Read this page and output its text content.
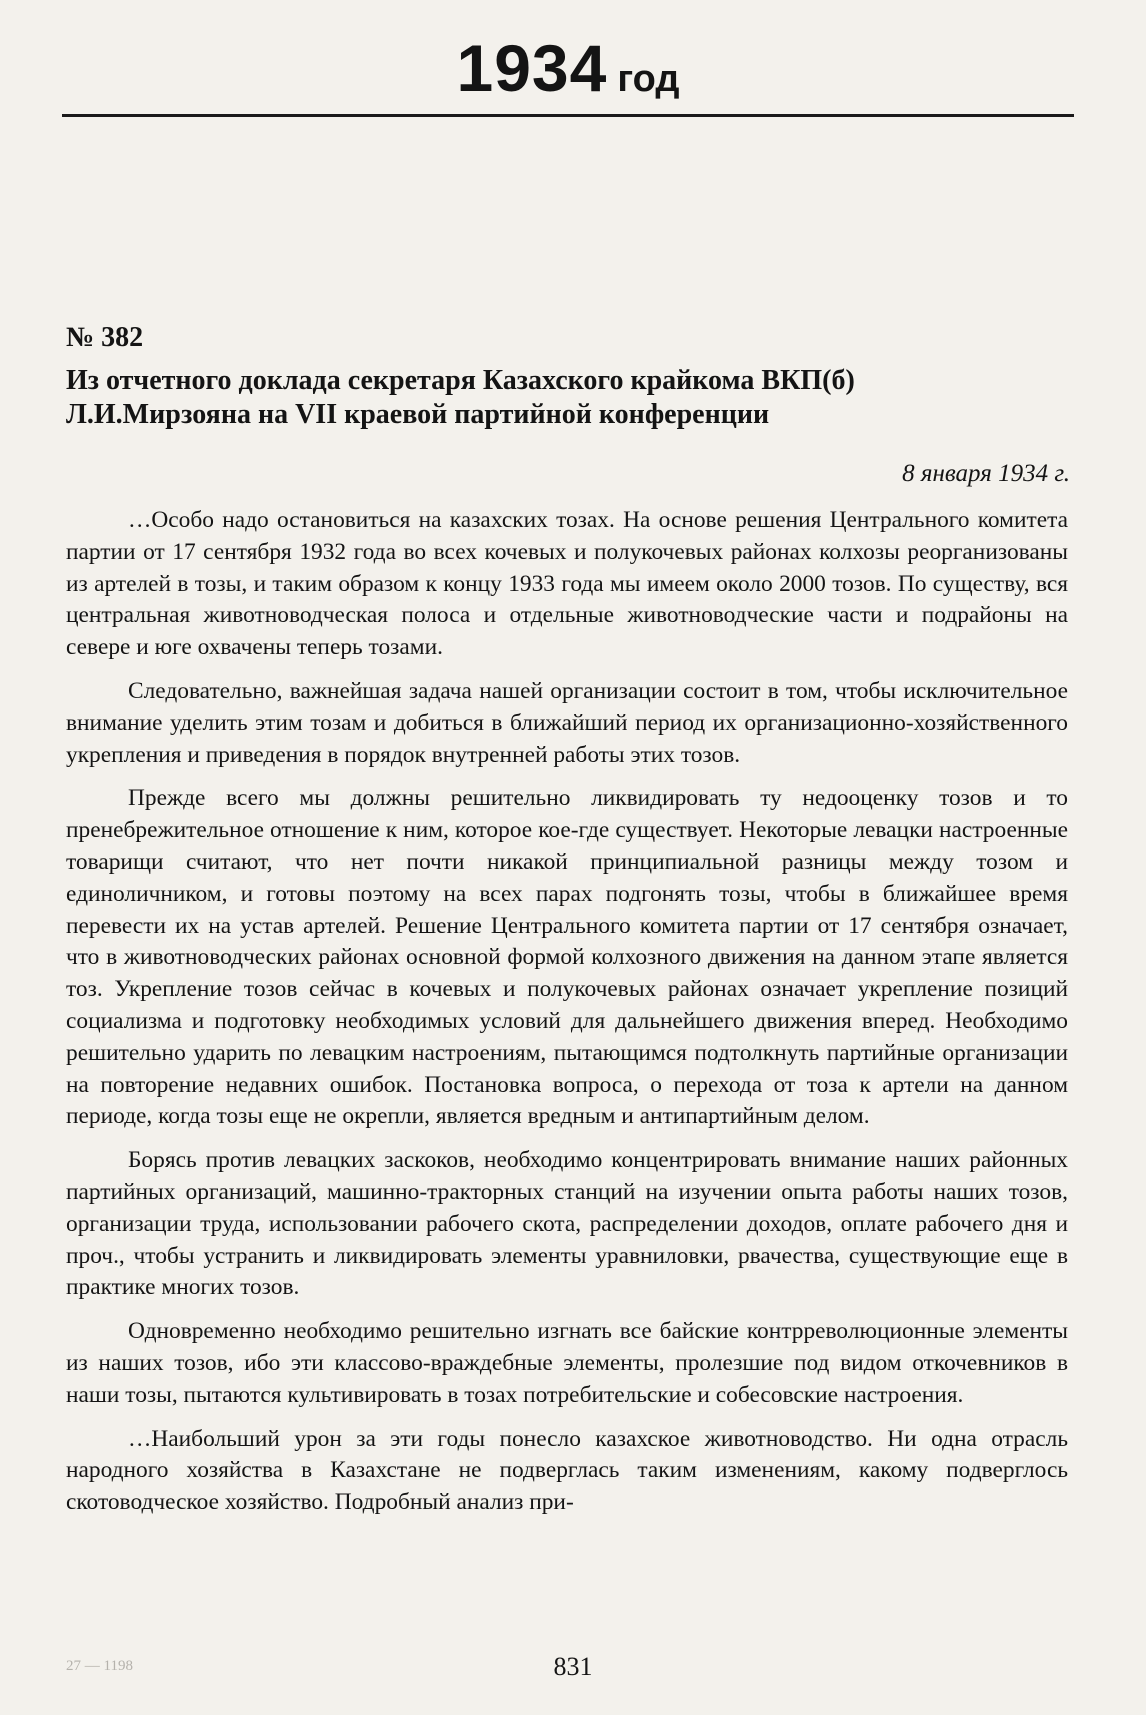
1934 год
№ 382
Из отчетного доклада секретаря Казахского крайкома ВКП(б)
Л.И.Мирзояна на VII краевой партийной конференции
8 января 1934 г.

…Особо надо остановиться на казахских тозах. На основе решения Центрального комитета партии от 17 сентября 1932 года во всех кочевых и полукочевых районах колхозы реорганизованы из артелей в тозы, и таким образом к концу 1933 года мы имеем около 2000 тозов. По существу, вся центральная животноводческая полоса и отдельные животноводческие части и подрайоны на севере и юге охвачены теперь тозами.

Следовательно, важнейшая задача нашей организации состоит в том, чтобы исключительное внимание уделить этим тозам и добиться в ближайший период их организационно-хозяйственного укрепления и приведения в порядок внутренней работы этих тозов.

Прежде всего мы должны решительно ликвидировать ту недооценку тозов и то пренебрежительное отношение к ним, которое кое-где существует. Некоторые левацки настроенные товарищи считают, что нет почти никакой принципиальной разницы между тозом и единоличником, и готовы поэтому на всех парах подгонять тозы, чтобы в ближайшее время перевести их на устав артелей. Решение Центрального комитета партии от 17 сентября означает, что в животноводческих районах основной формой колхозного движения на данном этапе является тоз. Укрепление тозов сейчас в кочевых и полукочевых районах означает укрепление позиций социализма и подготовку необходимых условий для дальнейшего движения вперед. Необходимо решительно ударить по левацким настроениям, пытающимся подтолкнуть партийные организации на повторение недавних ошибок. Постановка вопроса, о перехода от тоза к артели на данном периоде, когда тозы еще не окрепли, является вредным и антипартийным делом.

Борясь против левацких заскоков, необходимо концентрировать внимание наших районных партийных организаций, машинно-тракторных станций на изучении опыта работы наших тозов, организации труда, использовании рабочего скота, распределении доходов, оплате рабочего дня и проч., чтобы устранить и ликвидировать элементы уравниловки, рвачества, существующие еще в практике многих тозов.

Одновременно необходимо решительно изгнать все байские контрреволюционные элементы из наших тозов, ибо эти классово-враждебные элементы, пролезшие под видом откочевников в наши тозы, пытаются культивировать в тозах потребительские и собесовские настроения.

…Наибольший урон за эти годы понесло казахское животноводство. Ни одна отрасль народного хозяйства в Казахстане не подверглась таким изменениям, какому подверглось скотоводческое хозяйство. Подробный анализ при-

27 — 1198	831
